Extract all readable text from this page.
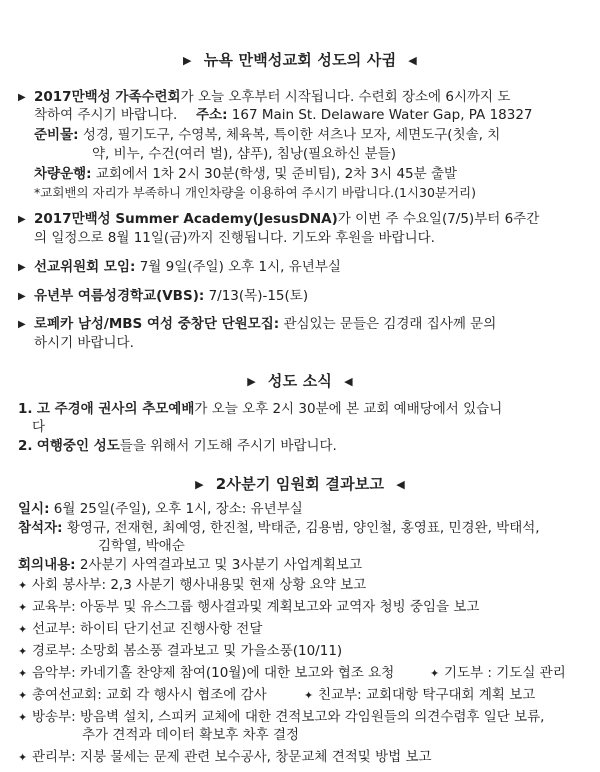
▶ 뉴욕 만백성교회 성도의 사귐 ◀
▶ 2017만백성 가족수련회가 오늘 오후부터 시작됩니다. 수련회 장소에 6시까지 도
착하여 주시기 바랍니다. 주소: 167 Main St. Delaware Water Gap, PA 18327
준비물: 성경, 필기도구, 수영복, 체육복, 특이한 셔츠나 모자, 세면도구(칫솔, 치
약, 비누, 수건(여러 벌), 샴푸), 침낭(필요하신 분들)
차량운행: 교회에서 1차 2시 30분(학생, 및 준비팀), 2차 3시 45분 출발
*교회밴의 자리가 부족하니 개인차량을 이용하여 주시기 바랍니다.(1시30분거리)
▶ 2017만백성 Summer Academy(JesusDNA)가 이번 주 수요일(7/5)부터 6주간
의 일정으로 8월 11일(금)까지 진행됩니다. 기도와 후원을 바랍니다.
▶ 선교위원회 모임: 7월 9일(주일) 오후 1시, 유년부실
▶ 유년부 여름성경학교(VBS): 7/13(목)-15(토)
▶ 로페카 남성/MBS 여성 중창단 단원모집: 관심있는 문들은 김경래 집사께 문의
하시기 바랍니다.
▶ 성도 소식 ◀
1. 고 주경애 권사의 추모예배가 오늘 오후 2시 30분에 본 교회 예배당에서 있습니
다
2. 여행중인 성도들을 위해서 기도해 주시기 바랍니다.
▶ 2사분기 임원회 결과보고 ◀
일시: 6월 25일(주일), 오후 1시, 장소: 유년부실
참석자: 황영규, 전재현, 최예영, 한진철, 박태준, 김용범, 양인철, 홍영표, 민경완, 박태석,
김학열, 박애순
회의내용: 2사분기 사역결과보고 및 3사분기 사업계획보고
✦ 사회 봉사부: 2,3 사분기 행사내용및 현재 상황 요약 보고
✦ 교육부: 아동부 및 유스그룹 행사결과및 계획보고와 교역자 청빙 중임을 보고
✦ 선교부: 하이티 단기선교 진행사항 전달
✦ 경로부: 소망회 봄소풍 결과보고 및 가을소풍(10/11)
✦ 음악부: 카네기홀 찬양제 참여(10월)에 대한 보고와 협조 요청	✦ 기도부 : 기도실 관리
✦ 총여선교회: 교회 각 행사시 협조에 감사	✦ 친교부: 교회대항 탁구대회 계획 보고
✦ 방송부: 방음벽 설치, 스피커 교체에 대한 견적보고와 각임원들의 의견수렴후 일단 보류,
추가 견적과 데이터 확보후 차후 결정
✦ 관리부: 지붕 물세는 문제 관련 보수공사, 창문교체 견적및 방법 보고
